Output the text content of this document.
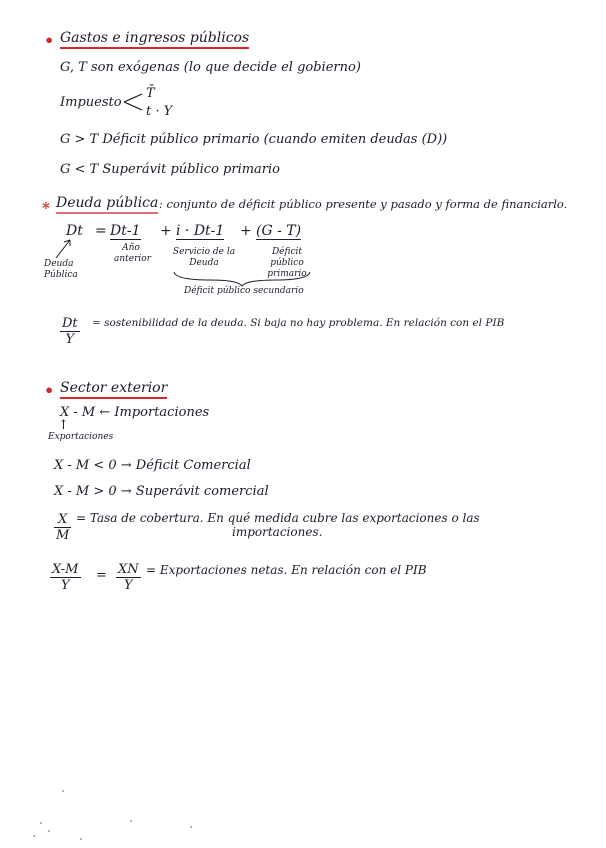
• Gastos e ingresos públicos
G, T son exógenas (lo que decide el gobierno)
Impuesto
T̄
t · Y
G > T Déficit público primario (cuando emiten deudas (D))
G < T Superávit público primario
* Deuda pública : conjunto de déficit público presente y pasado y forma de financiarlo.
Dt = Dt-1 + i · Dt-1 + (G - T)
Año anterior
Servicio de la Deuda
Déficit público primario
Deuda Pública
Déficit público secundario
$\frac{Dt}{Y}$ = sostenibilidad de la deuda. Si baja no hay problema. En relación con el PIB
• Sector exterior
X - M ← Importaciones
↑
Exportaciones
X - M < 0 → Déficit Comercial
X - M > 0 → Superávit comercial
$\frac{X}{M}$ = Tasa de cobertura. En qué medida cubre las exportaciones o las
importaciones.
$\frac{X-M}{Y} = \frac{XN}{Y}$ = Exportaciones netas. En relación con el PIB
